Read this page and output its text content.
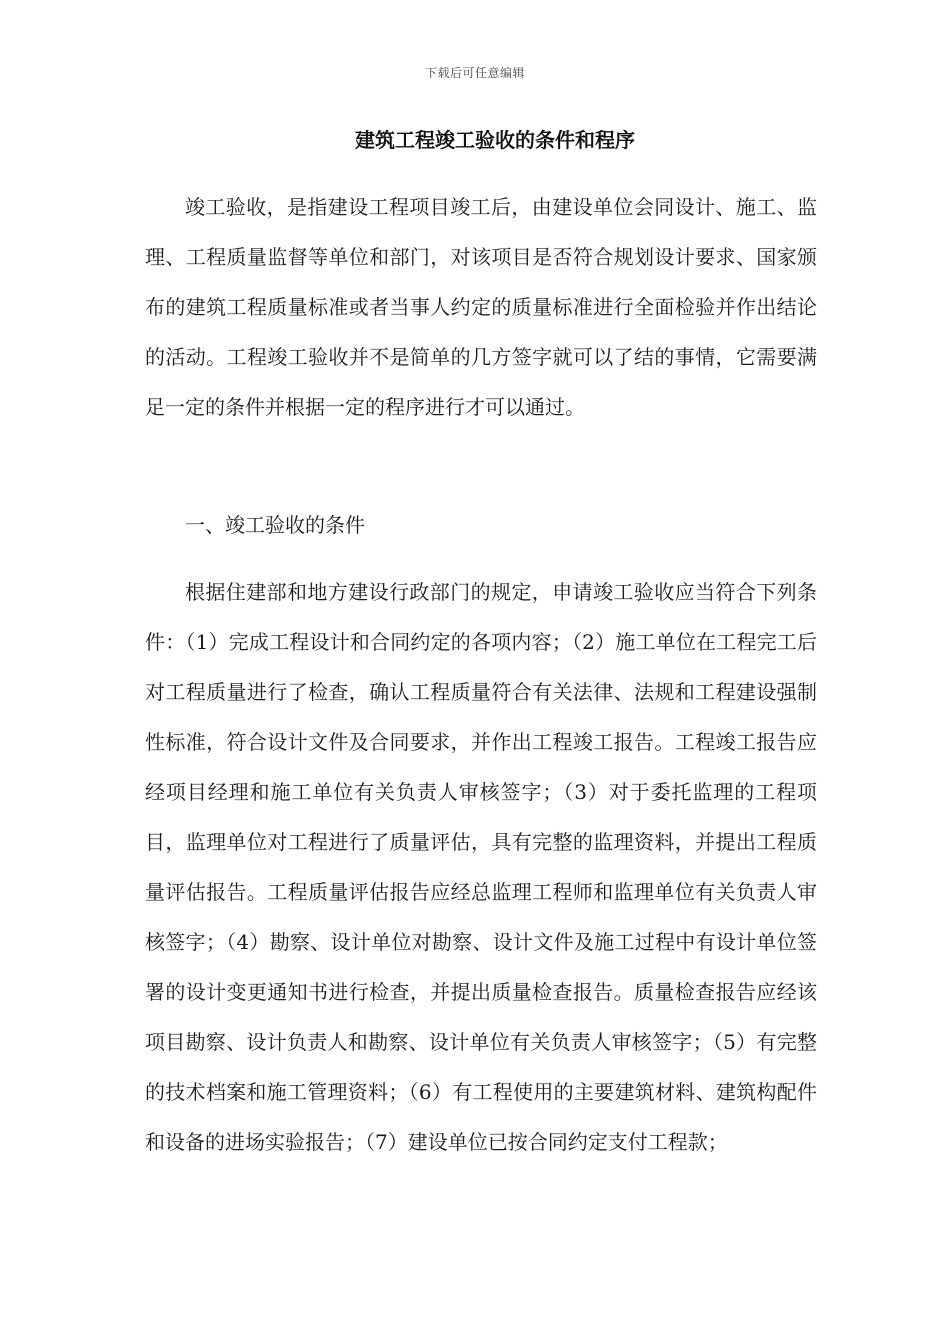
下载后可任意编辑
建筑工程竣工验收的条件和程序

竣工验收，是指建设工程项目竣工后，由建设单位会同设计、施工、监理、工程质量监督等单位和部门，对该项目是否符合规划设计要求、国家颁布的建筑工程质量标准或者当事人约定的质量标准进行全面检验并作出结论的活动。工程竣工验收并不是简单的几方签字就可以了结的事情，它需要满足一定的条件并根据一定的程序进行才可以通过。

一、竣工验收的条件

根据住建部和地方建设行政部门的规定，申请竣工验收应当符合下列条件：（1）完成工程设计和合同约定的各项内容；（2）施工单位在工程完工后对工程质量进行了检查，确认工程质量符合有关法律、法规和工程建设强制性标准，符合设计文件及合同要求，并作出工程竣工报告。工程竣工报告应经项目经理和施工单位有关负责人审核签字；（3）对于委托监理的工程项目，监理单位对工程进行了质量评估，具有完整的监理资料，并提出工程质量评估报告。工程质量评估报告应经总监理工程师和监理单位有关负责人审核签字；（4）勘察、设计单位对勘察、设计文件及施工过程中有设计单位签署的设计变更通知书进行检查，并提出质量检查报告。质量检查报告应经该项目勘察、设计负责人和勘察、设计单位有关负责人审核签字；（5）有完整的技术档案和施工管理资料；（6）有工程使用的主要建筑材料、建筑构配件和设备的进场实验报告；（7）建设单位已按合同约定支付工程款；
